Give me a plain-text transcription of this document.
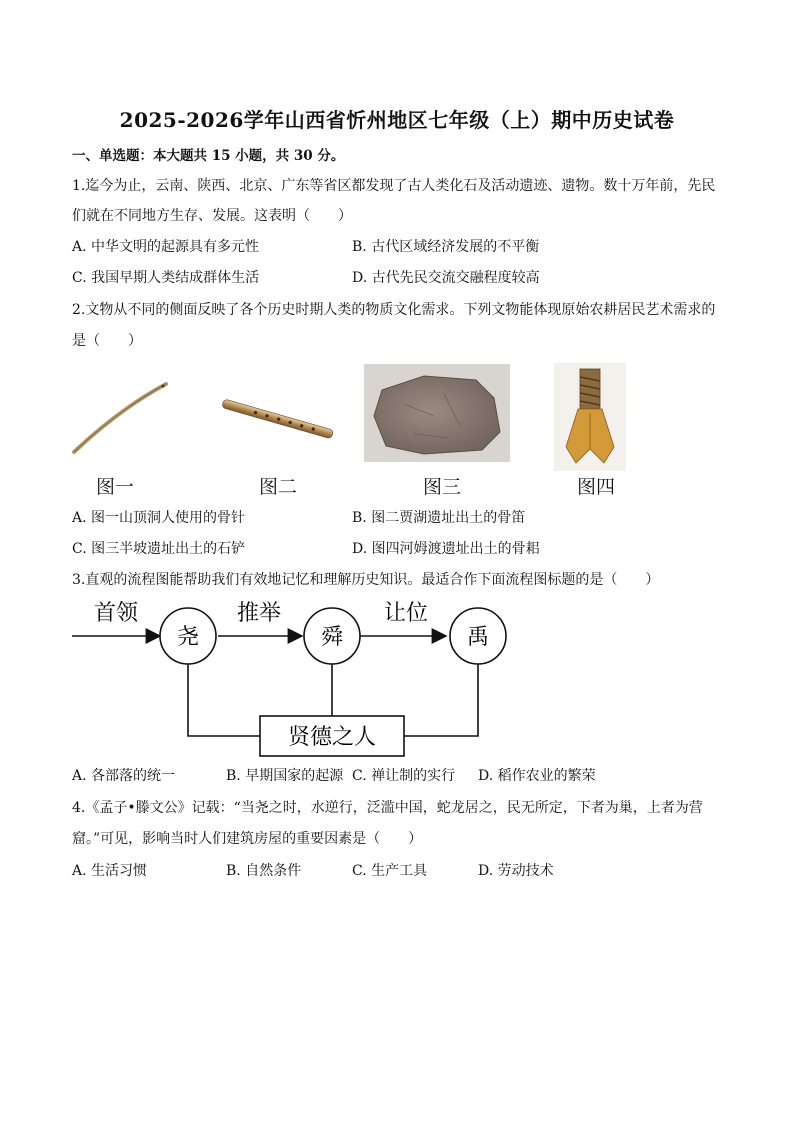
2025-2026学年山西省忻州地区七年级（上）期中历史试卷
一、单选题：本大题共 15 小题，共 30 分。
1.迄今为止，云南、陕西、北京、广东等省区都发现了古人类化石及活动遗迹、遗物。数十万年前，先民
们就在不同地方生存、发展。这表明（　　）
A. 中华文明的起源具有多元性	B. 古代区域经济发展的不平衡
C. 我国早期人类结成群体生活	D. 古代先民交流交融程度较高
2.文物从不同的侧面反映了各个历史时期人类的物质文化需求。下列文物能体现原始农耕居民艺术需求的
是（　　）
图一	图二	图三	图四
A. 图一山顶洞人使用的骨针	B. 图二贾湖遗址出土的骨笛
C. 图三半坡遗址出土的石铲	D. 图四河姆渡遗址出土的骨耜
3.直观的流程图能帮助我们有效地记忆和理解历史知识。最适合作下面流程图标题的是（　　）
首领	推举	让位
尧	舜	禹
贤德之人
A. 各部落的统一	B. 早期国家的起源 C. 禅让制的实行 D. 稻作农业的繁荣
4.《孟子•滕文公》记载：“当尧之时，水逆行，泛滥中国，蛇龙居之，民无所定，下者为巢，上者为营
窟。”可见，影响当时人们建筑房屋的重要因素是（　　）
A. 生活习惯	B. 自然条件	C. 生产工具	D. 劳动技术
